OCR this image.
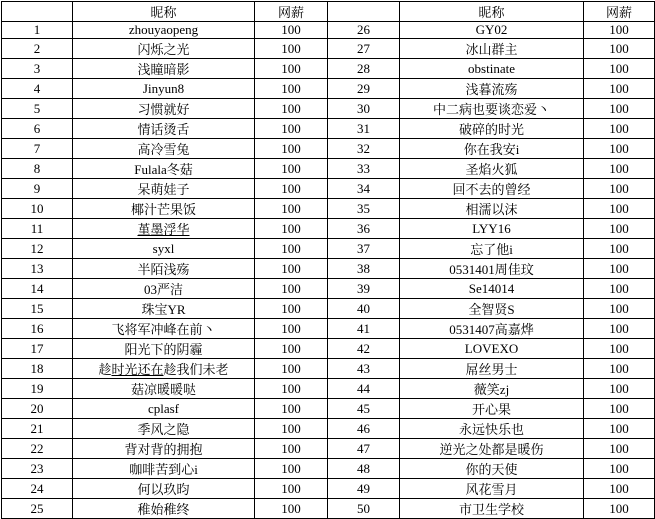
	昵称	网薪		昵称	网薪
1	zhouyaopeng	100	26	GY02	100
2	闪烁之光	100	27	冰山群主	100
3	浅瞳暗影	100	28	obstinate	100
4	Jinyun8	100	29	浅暮流殇	100
5	习惯就好	100	30	中二病也要谈恋爱丶	100
6	情话烫舌	100	31	破碎的时光	100
7	高冷雪兔	100	32	你在我安i	100
8	Fulala冬菇	100	33	圣焰火狐	100
9	呆萌娃子	100	34	回不去的曾经	100
10	椰汁芒果饭	100	35	相濡以沫	100
11	堇墨浮华	100	36	LYY16	100
12	syxl	100	37	忘了他i	100
13	半陌浅殇	100	38	0531401周佳玟	100
14	03严洁	100	39	Se14014	100
15	珠宝YR	100	40	全智贤S	100
16	飞将军冲峰在前丶	100	41	0531407高嘉烨	100
17	阳光下的阴霾	100	42	LOVEXO	100
18	趁时光还在趁我们未老	100	43	屌丝男士	100
19	菇凉暖暖哒	100	44	薇笑zj	100
20	cplasf	100	45	开心果	100
21	季风之隐	100	46	永远快乐也	100
22	背对背的拥抱	100	47	逆光之处都是暖伤	100
23	咖啡苦到心i	100	48	你的天使	100
24	何以玖昀	100	49	风花雪月	100
25	稚始稚终	100	50	市卫生学校	100
